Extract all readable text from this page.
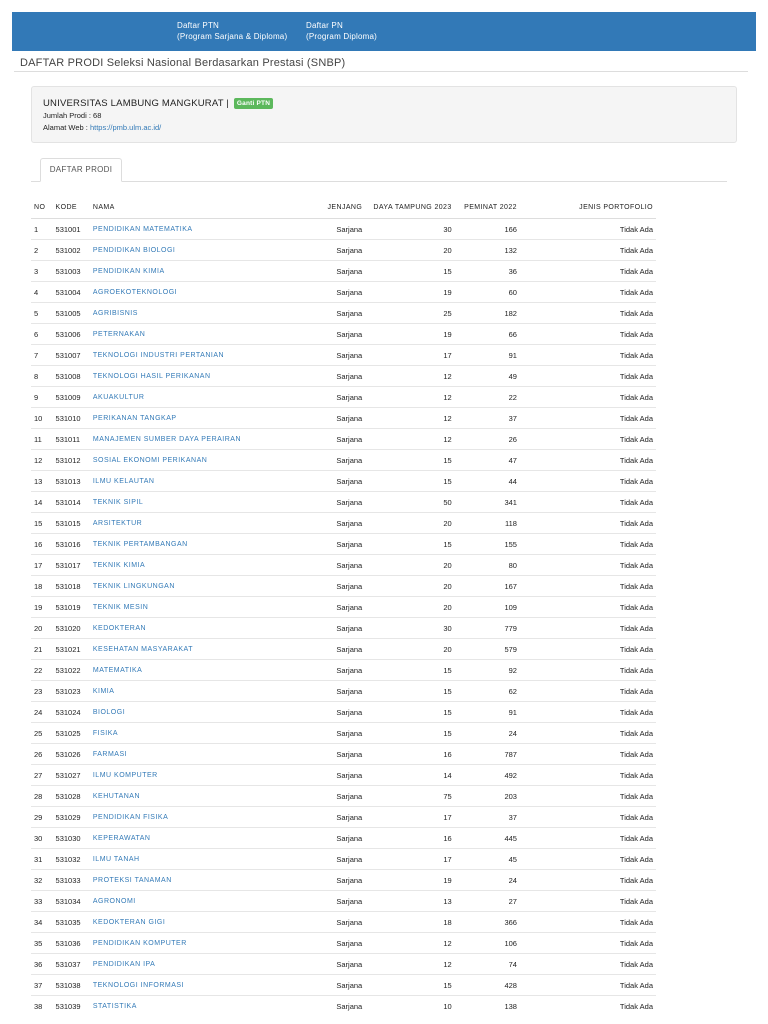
Daftar PTN
(Program Sarjana & Diploma)
Daftar PN
(Program Diploma)
DAFTAR PRODI Seleksi Nasional Berdasarkan Prestasi (SNBP)
UNIVERSITAS LAMBUNG MANGKURAT | Ganti PTN
Jumlah Prodi : 68
Alamat Web : https://pmb.ulm.ac.id/
DAFTAR PRODI
NO	KODE	NAMA	JENJANG	DAYA TAMPUNG 2023	PEMINAT 2022	JENIS PORTOFOLIO
1	531001	PENDIDIKAN MATEMATIKA	Sarjana	30	166	Tidak Ada
2	531002	PENDIDIKAN BIOLOGI	Sarjana	20	132	Tidak Ada
3	531003	PENDIDIKAN KIMIA	Sarjana	15	36	Tidak Ada
4	531004	AGROEKOTEKNOLOGI	Sarjana	19	60	Tidak Ada
5	531005	AGRIBISNIS	Sarjana	25	182	Tidak Ada
6	531006	PETERNAKAN	Sarjana	19	66	Tidak Ada
7	531007	TEKNOLOGI INDUSTRI PERTANIAN	Sarjana	17	91	Tidak Ada
8	531008	TEKNOLOGI HASIL PERIKANAN	Sarjana	12	49	Tidak Ada
9	531009	AKUAKULTUR	Sarjana	12	22	Tidak Ada
10	531010	PERIKANAN TANGKAP	Sarjana	12	37	Tidak Ada
11	531011	MANAJEMEN SUMBER DAYA PERAIRAN	Sarjana	12	26	Tidak Ada
12	531012	SOSIAL EKONOMI PERIKANAN	Sarjana	15	47	Tidak Ada
13	531013	ILMU KELAUTAN	Sarjana	15	44	Tidak Ada
14	531014	TEKNIK SIPIL	Sarjana	50	341	Tidak Ada
15	531015	ARSITEKTUR	Sarjana	20	118	Tidak Ada
16	531016	TEKNIK PERTAMBANGAN	Sarjana	15	155	Tidak Ada
17	531017	TEKNIK KIMIA	Sarjana	20	80	Tidak Ada
18	531018	TEKNIK LINGKUNGAN	Sarjana	20	167	Tidak Ada
19	531019	TEKNIK MESIN	Sarjana	20	109	Tidak Ada
20	531020	KEDOKTERAN	Sarjana	30	779	Tidak Ada
21	531021	KESEHATAN MASYARAKAT	Sarjana	20	579	Tidak Ada
22	531022	MATEMATIKA	Sarjana	15	92	Tidak Ada
23	531023	KIMIA	Sarjana	15	62	Tidak Ada
24	531024	BIOLOGI	Sarjana	15	91	Tidak Ada
25	531025	FISIKA	Sarjana	15	24	Tidak Ada
26	531026	FARMASI	Sarjana	16	787	Tidak Ada
27	531027	ILMU KOMPUTER	Sarjana	14	492	Tidak Ada
28	531028	KEHUTANAN	Sarjana	75	203	Tidak Ada
29	531029	PENDIDIKAN FISIKA	Sarjana	17	37	Tidak Ada
30	531030	KEPERAWATAN	Sarjana	16	445	Tidak Ada
31	531032	ILMU TANAH	Sarjana	17	45	Tidak Ada
32	531033	PROTEKSI TANAMAN	Sarjana	19	24	Tidak Ada
33	531034	AGRONOMI	Sarjana	13	27	Tidak Ada
34	531035	KEDOKTERAN GIGI	Sarjana	18	366	Tidak Ada
35	531036	PENDIDIKAN KOMPUTER	Sarjana	12	106	Tidak Ada
36	531037	PENDIDIKAN IPA	Sarjana	12	74	Tidak Ada
37	531038	TEKNOLOGI INFORMASI	Sarjana	15	428	Tidak Ada
38	531039	STATISTIKA	Sarjana	10	138	Tidak Ada
